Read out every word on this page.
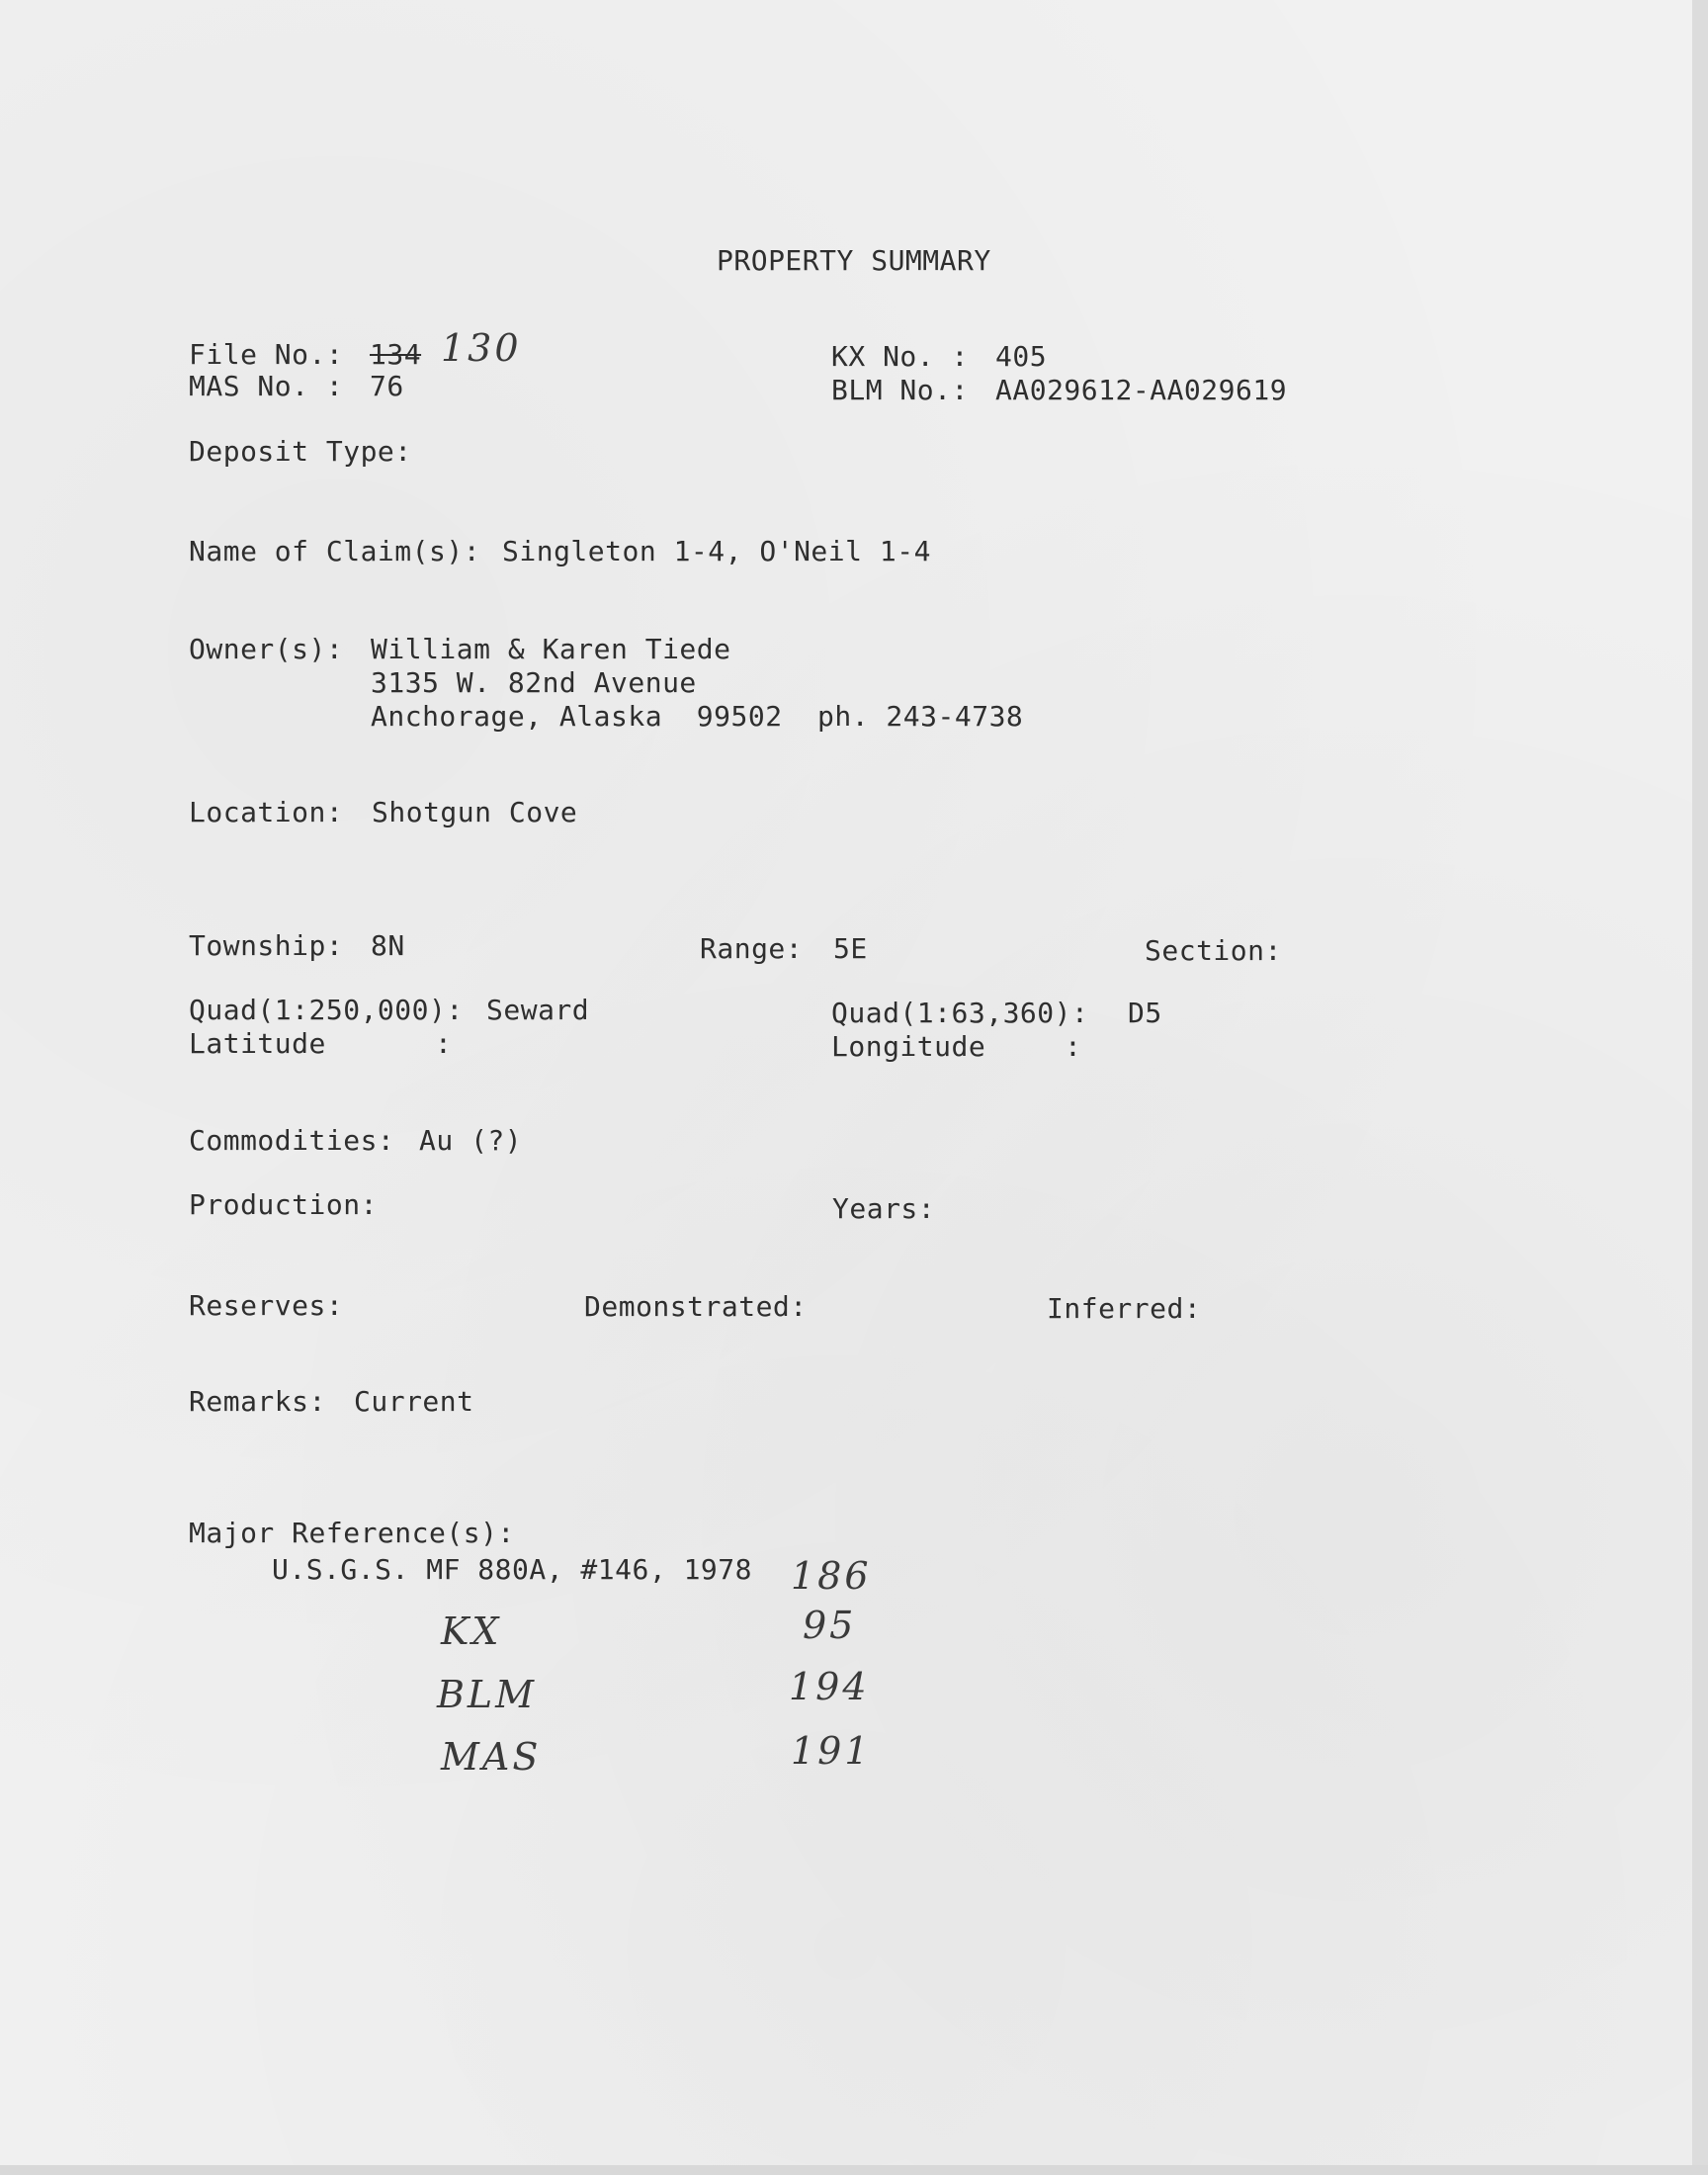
PROPERTY SUMMARY
File No.: 134 130
MAS No. : 76
KX No. : 405
BLM No.: AA029612-AA029619
Deposit Type:
Name of Claim(s): Singleton 1-4, O'Neil 1-4
Owner(s): William & Karen Tiede
3135 W. 82nd Avenue
Anchorage, Alaska  99502 ph. 243-4738
Location: Shotgun Cove
Township: 8N	Range: 5E	Section:
Quad(1:250,000): Seward
Latitude	:
Quad(1:63,360): D5
Longitude	:
Commodities: Au (?)
Production:	Years:
Reserves:	Demonstrated:	Inferred:
Remarks: Current
Major Reference(s):
U.S.G.S. MF 880A, #146, 1978 186
KX	95
BLM	194
MAS	191
